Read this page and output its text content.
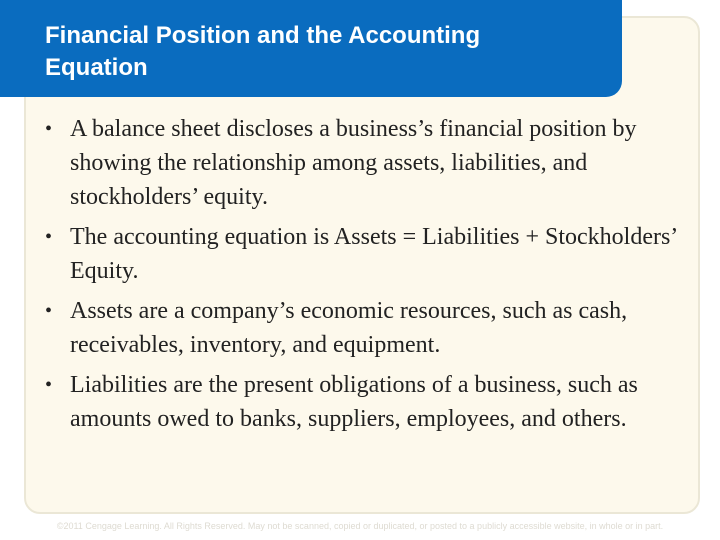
Financial Position and the Accounting Equation
• A balance sheet discloses a business’s financial position by showing the relationship among assets, liabilities, and stockholders’ equity.
• The accounting equation is Assets = Liabilities + Stockholders’ Equity.
• Assets are a company’s economic resources, such as cash, receivables, inventory, and equipment.
• Liabilities are the present obligations of a business, such as amounts owed to banks, suppliers, employees, and others.
©2011 Cengage Learning. All Rights Reserved. May not be scanned, copied or duplicated, or posted to a publicly accessible website, in whole or in part.
